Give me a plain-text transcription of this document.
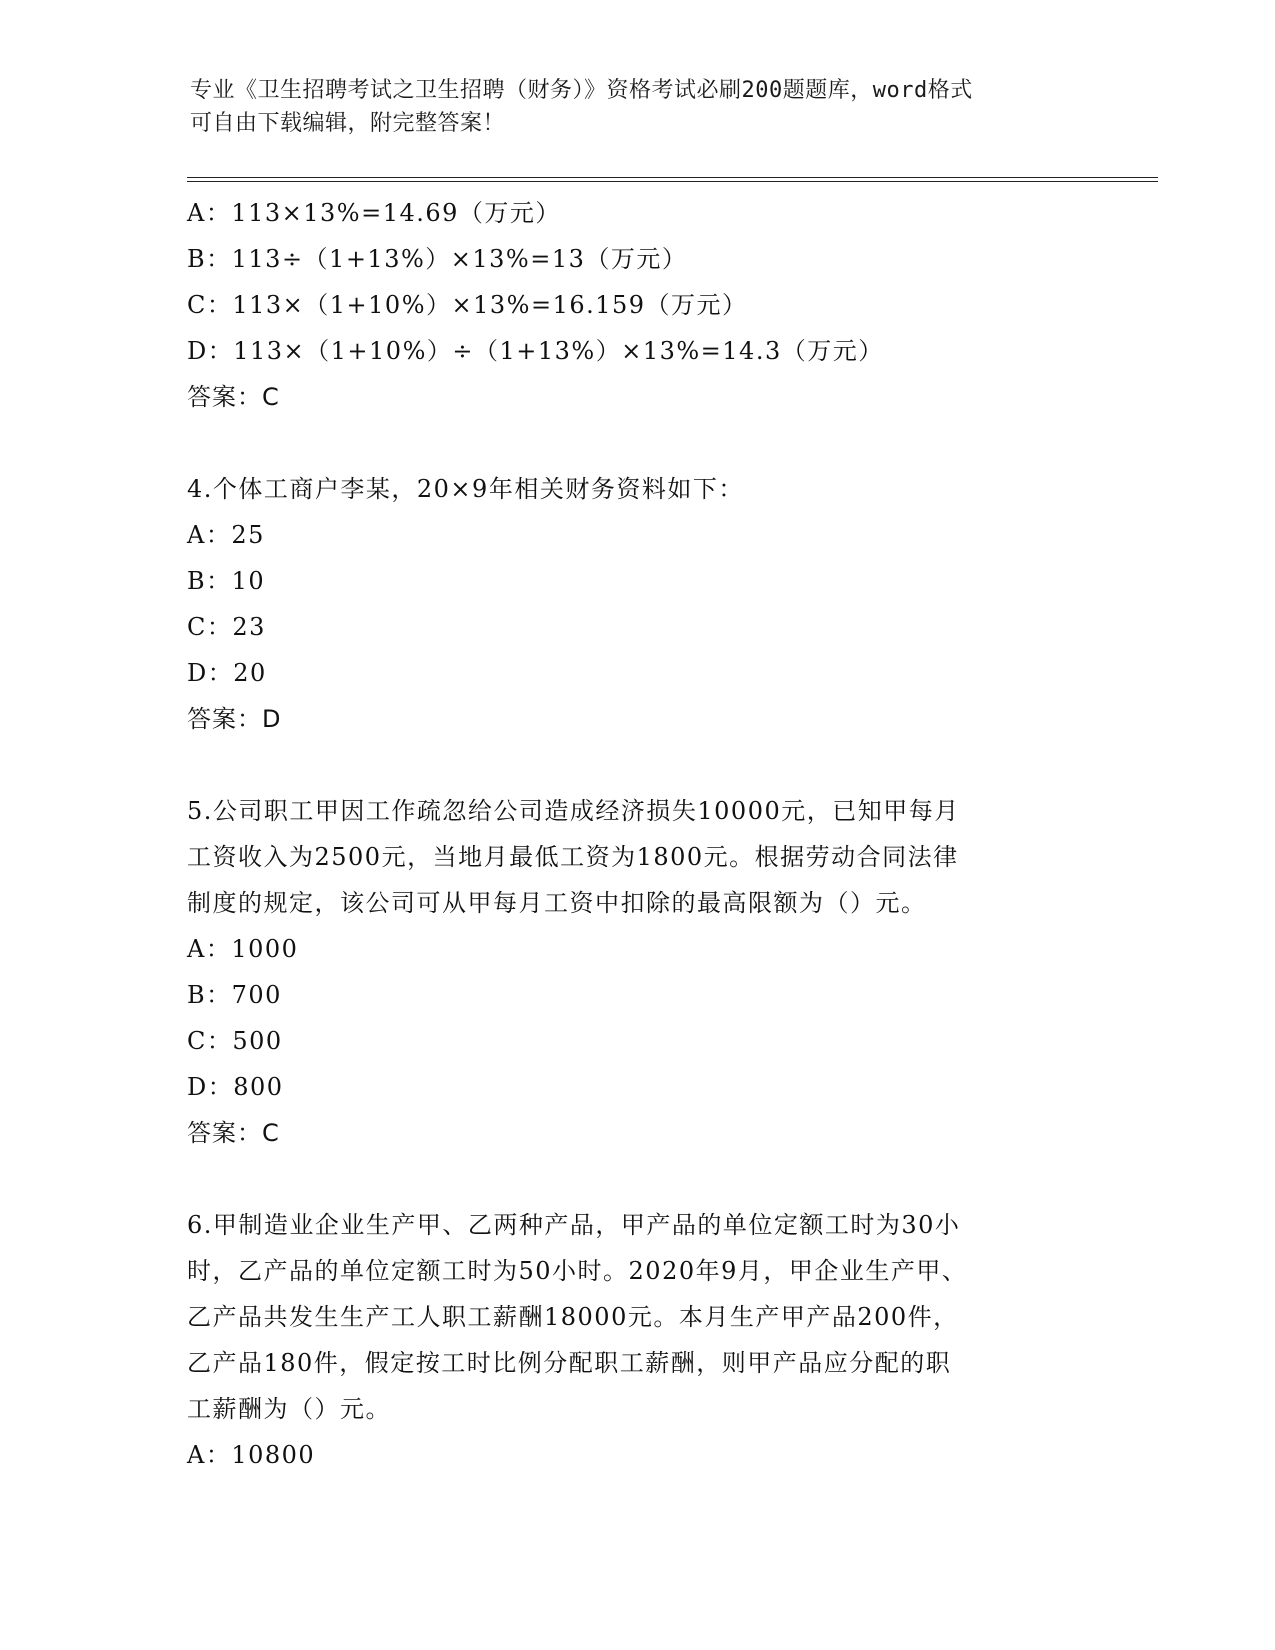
专业《卫生招聘考试之卫生招聘（财务）》资格考试必刷200题题库，word格式
可自由下载编辑，附完整答案！

A：113×13%=14.69（万元）

B：113÷（1+13%）×13%=13（万元）

C：113×（1+10%）×13%=16.159（万元）

D：113×（1+10%）÷（1+13%）×13%=14.3（万元）

答案：C

4.个体工商户李某，20×9年相关财务资料如下：

A：25

B：10

C：23

D：20

答案：D

5.公司职工甲因工作疏忽给公司造成经济损失10000元，已知甲每月

工资收入为2500元，当地月最低工资为1800元。根据劳动合同法律

制度的规定，该公司可从甲每月工资中扣除的最高限额为（）元。

A：1000

B：700

C：500

D：800

答案：C

6.甲制造业企业生产甲、乙两种产品，甲产品的单位定额工时为30小

时，乙产品的单位定额工时为50小时。2020年9月，甲企业生产甲、

乙产品共发生生产工人职工薪酬18000元。本月生产甲产品200件，

乙产品180件，假定按工时比例分配职工薪酬，则甲产品应分配的职

工薪酬为（）元。

A：10800
